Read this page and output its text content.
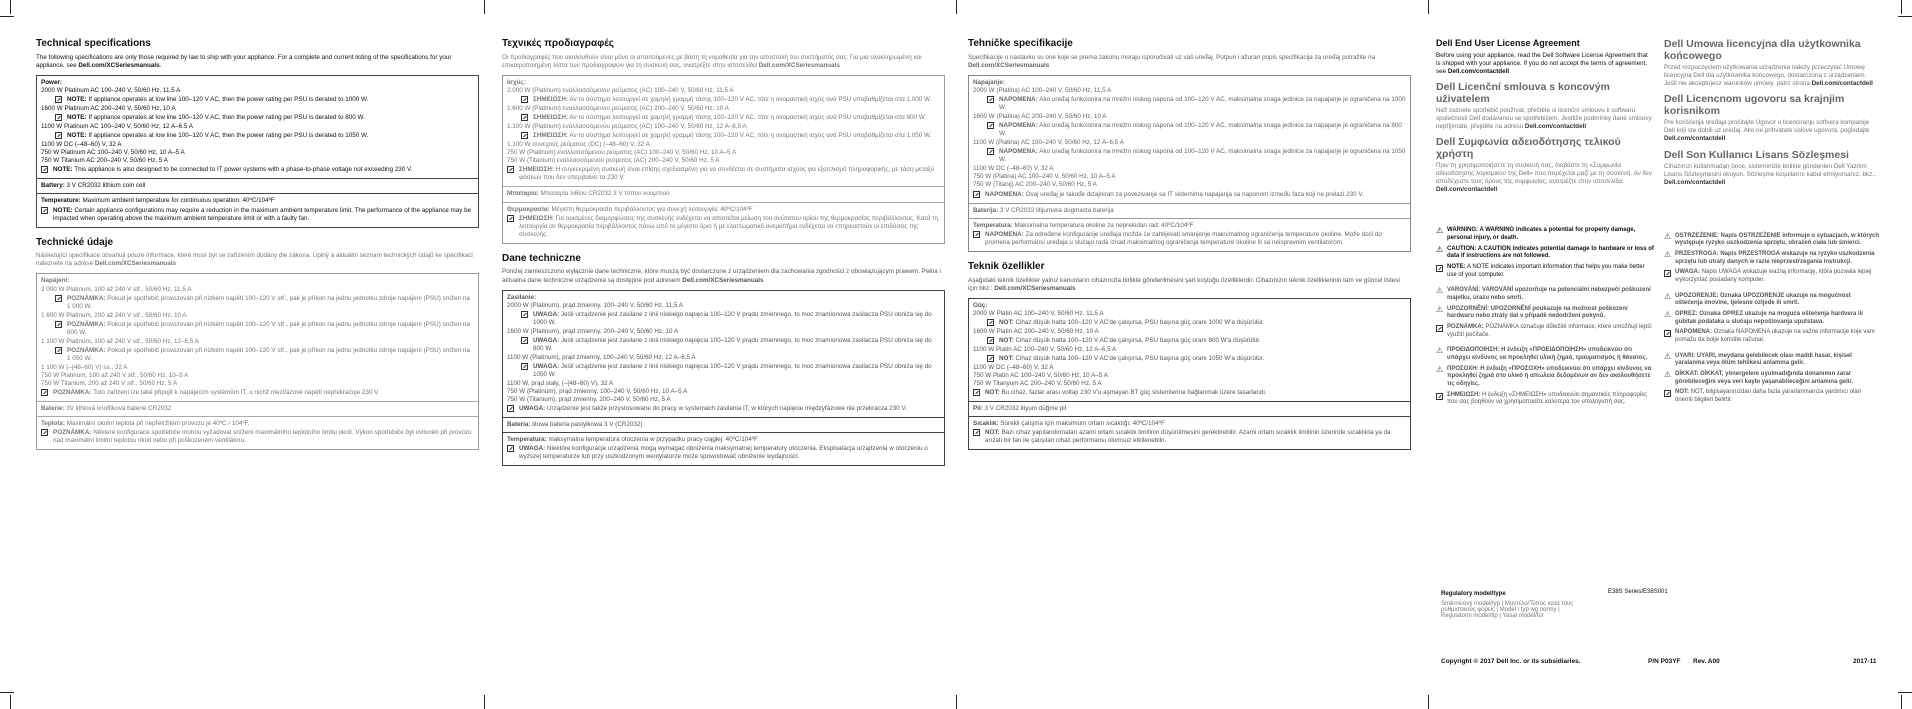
Technical specifications
The following specifications are only those required by law to ship with your appliance. For a complete and current listing of the specifications for your appliance, see Dell.com/XCSeriesmanuals.
Power:
2000 W Platinum AC 100–240 V, 50/60 Hz, 11.5 A
NOTE: If appliance operates at low line 100–120 V AC, then the power rating per PSU is derated to 1000 W.
1600 W Platinum AC 200–240 V, 50/60 Hz, 10 A
NOTE: If appliance operates at low line 100–120 V AC, then the power rating per PSU is derated to 800 W.
1100 W Platinum AC 100–240 V, 50/60 Hz, 12 A–6.5 A
NOTE: If appliance operates at low line 100–120 V AC, then the power rating per PSU is derated to 1050 W.
1100 W DC (–48–60) V, 32 A
750 W Platinum AC 100–240 V, 50/60 Hz, 10 A–5 A
750 W Titanium AC 200–240 V, 50/60 Hz, 5 A
NOTE: This appliance is also designed to be connected to IT power systems with a phase-to-phase voltage not exceeding 230 V.
Battery: 3 V CR2032 lithium coin cell
Temperature: Maximum ambient temperature for continuous operation: 40ºC/104ºF
NOTE: Certain appliance configurations may require a reduction in the maximum ambient temperature limit. The performance of the appliance may be impacted when operating above the maximum ambient temperature limit or with a faulty fan.
Technické údaje
Následující specifikace obsahují pouze informace, které musí být se zařízením dodány dle zákona. Úplný a aktuální seznam technických údajů ke specifikaci naleznete na adrese Dell.com/XCSeriesmanuals
Napájení:
2 000 W Platinum, 100 až 240 V stř., 50/60 Hz, 11,5 A
POZNÁMKA: Pokud je spotřebič provozován při nízkém napětí 100–120 V stř., pak je příkon na jednu jednotku zdroje napájení (PSU) snížen na 1 000 W.
1 600 W Platinum, 200 až 240 V stř., 50/60 Hz, 10 A
POZNÁMKA: Pokud je spotřebič provozován při nízkém napětí 100–120 V stř., pak je příkon na jednu jednotku zdroje napájení (PSU) snížen na 800 W.
1 100 W Platinum, 100 až 240 V stř., 50/60 Hz, 12–6,5 A
POZNÁMKA: Pokud je spotřebič provozován při nízkém napětí 100–120 V stř., pak je příkon na jednu jednotku zdroje napájení (PSU) snížen na 1 050 W.
1 100 W (–(48–60) V) ss., 32 A
750 W Platinum, 100 až 240 V stř., 50/60 Hz, 10–5 A
750 W Titanium, 200 až 240 V stř., 50/60 Hz, 5 A
POZNÁMKA: Toto zařízení lze také připojit k napájecím systémům IT, u nichž mezifázové napětí nepřekračuje 230 V.
Baterie: 3V lithiová knoflíková baterie CR2032
Teplota: Maximální okolní teplota při nepřetržitém provozu je 40ºC / 104ºF.
POZNÁMKA: Některé konfigurace spotřebiče mohou vyžadovat snížení maximálního teplotního limitu okolí. Výkon spotřebiče být ovlivněn při provozu nad maximální limitní teplotou okolí nebo při poškozeném ventilátoru.
Τεχνικές προδιαγραφές
Οι προδιαγραφές που ακολουθούν είναι μόνο οι απαιτούμενες με βάση τη νομοθεσία για την αποστολή του συστήματός σας. Για μια ολοκληρωμένη και επικαιροποιημένη λίστα των προδιαγραφών για τη συσκευή σας, ανατρέξτε στην ιστοσελίδα Dell.com/XCSeriesmanuals
Ισχύς:
2.000 W (Platinum) εναλλασσόμενου ρεύματος (AC) 100–240 V, 50/60 Hz, 11,5 A
ΣΗΜΕΙΩΣΗ: Αν το σύστημα λειτουργεί σε χαμηλή γραμμή τάσης 100–120 V AC, τότε η ονομαστική ισχύς ανά PSU υποβαθμίζεται στα 1.000 W.
1.600 W (Platinum) εναλλασσόμενου ρεύματος (AC) 200–240 V, 50/60 Hz, 10 A
ΣΗΜΕΙΩΣΗ: Αν το σύστημα λειτουργεί σε χαμηλή γραμμή τάσης 100–120 V AC, τότε η ονομαστική ισχύς ανά PSU υποβαθμίζεται στα 800 W.
1.100 W (Platinum) εναλλασσόμενου ρεύματος (AC) 100–240 V, 50/60 Hz, 12 A–6,5 A
ΣΗΜΕΙΩΣΗ: Αν το σύστημα λειτουργεί σε χαμηλή γραμμή τάσης 100–120 V AC, τότε η ονομαστική ισχύς ανά PSU υποβαθμίζεται στα 1.050 W.
1.100 W συνεχούς ρεύματος (DC) (–48–60) V, 32 A
750 W (Platinum) εναλλασσόμενου ρεύματος (AC) 100–240 V, 50/60 Hz, 10 A–5 A
750 W (Titanium) εναλλασσόμενου ρεύματος (AC) 200–240 V, 50/60 Hz, 5 A
ΣΗΜΕΙΩΣΗ: Η συγκεκριμένη συσκευή είναι επίσης σχεδιασμένη για να συνδέεται σε συστήματα ισχύος για εξοπλισμό πληροφορικής, με τάση μεταξύ φάσεων που δεν υπερβαίνει τα 230 V.
Μπαταρία: Μπαταρία λιθίου CR2032 3 V τύπου κουμπιού
Θερμοκρασία: Μέγιστη θερμοκρασία περιβάλλοντος για συνεχή λειτουργία: 40ºC/104ºF
ΣΗΜΕΙΩΣΗ: Για ορισμένες διαμορφώσεις της συσκευής ενδέχεται να απαιτείται μείωση του ανώτατου ορίου της θερμοκρασίας περιβάλλοντος. Κατά τη λειτουργία σε θερμοκρασία περιβάλλοντος πάνω από το μέγιστο όριο ή με ελαττωματικό ανεμιστήρα ενδέχεται να επηρεαστούν οι επιδόσεις της συσκευής.
Dane techniczne
Poniżej zamieszczono wyłącznie dane techniczne, które muszą być dostarczone z urządzeniem dla zachowania zgodności z obowiązującym prawem. Pełna i aktualna dane techniczne urządzenia są dostępne pod adresem Dell.com/XCSeriesmanuals
Zasilanie:
2000 W (Platinum), prąd zmienny, 100–240 V, 50/60 Hz, 11,5 A
UWAGA: Jeśli urządzenie jest zasilane z linii niskiego napięcia 100–120 V prądu zmiennego, to moc znamionowa zasilacza PSU obniża się do 1000 W.
1600 W (Platinum), prąd zmienny, 200–240 V, 50/60 Hz, 10 A
UWAGA: Jeśli urządzenie jest zasilane z linii niskiego napięcia 100–120 V prądu zmiennego, to moc znamionowa zasilacza PSU obniża się do 800 W.
1100 W (Platinum), prąd zmienny, 100–240 V, 50/60 Hz, 12 A–6,5 A
UWAGA: Jeśli urządzenie jest zasilane z linii niskiego napięcia 100–120 V prądu zmiennego, to moc znamionowa zasilacza PSU obniża się do 1050 W.
1100 W, prąd stały, (–(48–60) V), 32 A
750 W (Platinum), prąd zmienny, 100–240 V, 50/60 Hz, 10 A–5 A
750 W (Titanium), prąd zmienny, 200–240 V, 50/60 Hz, 5 A
UWAGA: Urządzenie jest także przystosowane do pracy w systemach zasilania IT, w których napięcie międzyfazowe nie przekracza 230 V.
Bateria: litowa bateria pastylkowa 3 V (CR2032)
Temperatura: maksymalna temperatura otoczenia w przypadku pracy ciągłej: 40ºC/104ºF
UWAGA: Niektóre konfiguracje urządzenia mogą wymagać obniżenia maksymalnej temperatury otoczenia. Eksploatacja urządzenia w otoczeniu o wyższej temperaturze lub przy uszkodzonym wentylatorze może spowodować obniżenie wydajności.
Tehničke specifikacije
Specifikacije u nastavku su one koje se prema zakonu moraju isporučivati uz vaš uređaj. Potpun i ažuran popis specifikacija za uređaj potražite na Dell.com/XCSeriesmanuals
Napajanje:
2000 W (Platina) AC 100–240 V, 50/60 Hz, 11,5 A
NAPOMENA: Ako uređaj funkcionira na mrežni niskog napona od 100–120 V AC, maksimalna snaga jedinice za napajanje je ograničena na 1000 W.
1600 W (Platina) AC 200–240 V, 50/60 Hz, 10 A
NAPOMENA: Ako uređaj funkcionira na mrežni niskog napona od 100–120 V AC, maksimalna snaga jedinice za napajanje je ograničena na 800 W.
1100 W (Platina) AC 100–240 V, 50/60 Hz, 12 A–6,5 A
NAPOMENA: Ako uređaj funkcionira na mrežni niskog napona od 100–120 V AC, maksimalna snaga jedinice za napajanje je ograničena na 1050 W.
1100 W DC (–48–60) V, 32 A
750 W (Platina) AC 100–240 V, 50/60 Hz, 10 A–5 A
750 W (Titanij) AC 200–240 V, 50/60 Hz, 5 A
NAPOMENA: Ovaj uređaj je takođe dizajniran za povezivanje sa IT sistemima napajanja sa naponom između faza koji ne prelazi 230 V.
Baterija: 3 V CR2032 litijumska dugmasta baterija
Temperatura: Maksimalna temperatura okoline za neprekidan rad: 40ºC/104ºF
NAPOMENA: Za određene konfiguracije uređaja možda će zahtijevati smanjenje maksimalnog ograničenja temperature okoline. Može doći do promena performansi uređaja u slučaju rada iznad maksimalnog ograničenja temperature okoline ili sa neispravnim ventilatorom.
Teknik özellikler
Aşağıdaki teknik özellikler yalnız kanunların cihazınızla birlikte gönderilmesini şart koştuğu özelliklerdir. Cihazınızın teknik özelliklerinin tam ve güncel listesi için bkz.: Dell.com/XCSeriesmanuals
Güç:
2000 W Platin AC 100–240 V, 50/60 Hz, 11,5 A
NOT: Cihaz düşük hatta 100–120 V AC'de çalışırsa, PSU başına güç oranı 1000 W'a düşürülür.
1600 W Platin AC 200–240 V, 50/60 Hz, 10 A
NOT: Cihaz düşük hatta 100–120 V AC'de çalışırsa, PSU başına güç oranı 800 W'a düşürülür.
1100 W Platin AC 100–240 V, 50/60 Hz, 12 A–6,5 A
NOT: Cihaz düşük hatta 100–120 V AC'de çalışırsa, PSU başına güç oranı 1050 W'a düşürülür.
1100 W DC (–48–60) V, 32 A
750 W Platin AC 100–240 V, 50/60 Hz, 10 A–5 A
750 W Titanyum AC 200–240 V, 50/60 Hz, 5 A
NOT: Bu cihaz, fazlar arası voltajı 230 V'u aşmayan BT güç sistemlerine bağlanmak üzere tasarlandı.
Pil: 3 V CR2032 lityum düğme pil
Sıcaklık: Sürekli çalışma için maksimum ortam sıcaklığı: 40ºC/104ºF
NOT: Bazı cihaz yapılandırmaları azami ortam sıcaklık limitinin düşürülmesini gerektirebilir. Azami ortam sıcaklık limitinin üzerinde sıcaklıkta ya da arızalı bir fan ile çalışılan cihaz performansı olumsuz etkilenebilir.
Dell End User License Agreement
Before using your appliance, read the Dell Software License Agreement that is shipped with your appliance. If you do not accept the terms of agreement, see Dell.com/contactdell
Dell Licenční smlouva s koncovým uživatelem
Než začnete spotřebič používat, přečtěte si licenční smlouvu k softwaru společnosti Dell dodávanou se spotřebičem. Jestliže podmínky dané smlouvy nepřijímáte, přejděte na adresu Dell.com/contactdell
Dell Συμφωνία αδειοδότησης τελικού χρήστη
Πριν τη χρησιμοποιήσετε τη συσκευή σας, διαβάστε τη «Συμφωνία αδειοδότησης λογισμικού της Dell» που παρέχεται μαζί με τη συσκευή. Αν δεν αποδέχεστε τους όρους της συμφωνίας, ανατρέξτε στην ιστοσελίδα Dell.com/contactdell
⚠ WARNING: A WARNING indicates a potential for property damage, personal injury, or death.
⚠ CAUTION: A CAUTION indicates potential damage to hardware or loss of data if instructions are not followed.
NOTE: A NOTE indicates important information that helps you make better use of your computer.
⚠ VAROVÁNÍ: VAROVÁNÍ upozorňuje na potenciální nebezpečí poškození majetku, úrazu nebo smrti.
⚠ UPOZORNĚNÍ: UPOZORNĚNÍ poukazuje na možnost poškození hardwaru nebo ztráty dat v případě nedodržení pokynů.
POZNÁMKA: POZNÁMKA označuje důležité informace, které umožňují lepší využití počítače.
⚠ ΠΡΟΕΙΔΟΠΟΙΗΣΗ: Η ένδειξη «ΠΡΟΕΙΔΟΠΟΙΗΣΗ» υποδεικνύει ότι υπάρχει κίνδυνος να προκληθεί υλική ζημιά, τραυματισμός ή θάνατος.
⚠ ΠΡΟΣΟΧΗ: Η ένδειξη «ΠΡΟΣΟΧΗ» υποδεικνύει ότι υπάρχει κίνδυνος να προκληθεί ζημιά στο υλικό ή απώλεια δεδομένων αν δεν ακολουθήσετε τις οδηγίες.
ΣΗΜΕΙΩΣΗ: Η ένδειξη «ΣΗΜΕΙΩΣΗ» υποδεικνύει σημαντικές πληροφορίες που σας βοηθούν να χρησιμοποιείτε καλύτερα τον υπολογιστή σας.
Regulatory model/type
Směrnicový model/typ | Μοντέλο/Τύπος κατά τους ρυθμιστικούς φορείς | Model i typ wg normy | Regulatorni model/tip | Yasal model/tür
E38S Series/E38S001
Copyright © 2017 Dell Inc. or its subsidiaries.	P/N P03YF Rev. A00	2017-11
Dell Umowa licencyjna dla użytkownika końcowego
Przed rozpoczęciem użytkowania urządzenia należy przeczytać Umowę licencyjną Dell dla użytkownika końcowego, dostarczoną z urządzeniem. Jeśli nie akceptujesz warunków umowy, patrz strona Dell.com/contactdell
Dell Licencnom ugovoru sa krajnjim korisnikom
Pre korišćenja uređaja pročitajte Ugovor o licenciranju softvera kompanije Dell koji ste dobili uz uređaj. Ako ne prihvatate uslove ugovora, pogledajte Dell.com/contactdell
Dell Son Kullanıcı Lisans Sözleşmesi
Cihazınızı kullanmadan önce, sisteminizle birlikte gönderilen Dell Yazılım Lisans Sözleşmesini okuyun. Sözleşme koşullarını kabul etmiyorsanız, bkz.: Dell.com/contactdell
⚠ OSTRZEŻENIE: Napis OSTRZEŻENIE informuje o sytuacjach, w których występuje ryzyko uszkodzenia sprzętu, obrażeń ciała lub śmierci.
⚠ PRZESTROGA: Napis PRZESTROGA wskazuje na ryzyko uszkodzenia sprzętu lub utraty danych w razie nieprzestrzegania instrukcji.
UWAGA: Napis UWAGA wskazuje ważną informację, która pozwala lepiej wykorzystać posiadany komputer.
⚠ UPOZORENJE: Oznaka UPOZORENJE ukazuje na mogućnost oštećenja imovine, tjelesne ozljede ili smrti.
⚠ OPREZ: Oznaka OPREZ ukazuje na moguća oštećenja hardvera ili gubitak podataka u slučaju nepoštovanja uputstava.
NAPOMENA: Oznaka NAPOMENA ukazuje na važne informacije koje vam pomažu da bolje koristite računar.
⚠ UYARI: UYARI, meydana gelebilecek olası maddi hasar, kişisel yaralanma veya ölüm tehlikesi anlamına gelir.
⚠ DİKKAT: DİKKAT, yönergelere uyulmadığında donanımın zarar görebileceğini veya veri kaybı yaşanabileceğini anlamına gelir.
NOT: NOT, bilgisayarınızdan daha fazla yararlanmanıza yardımcı olan önemli bilgileri belirtir.
